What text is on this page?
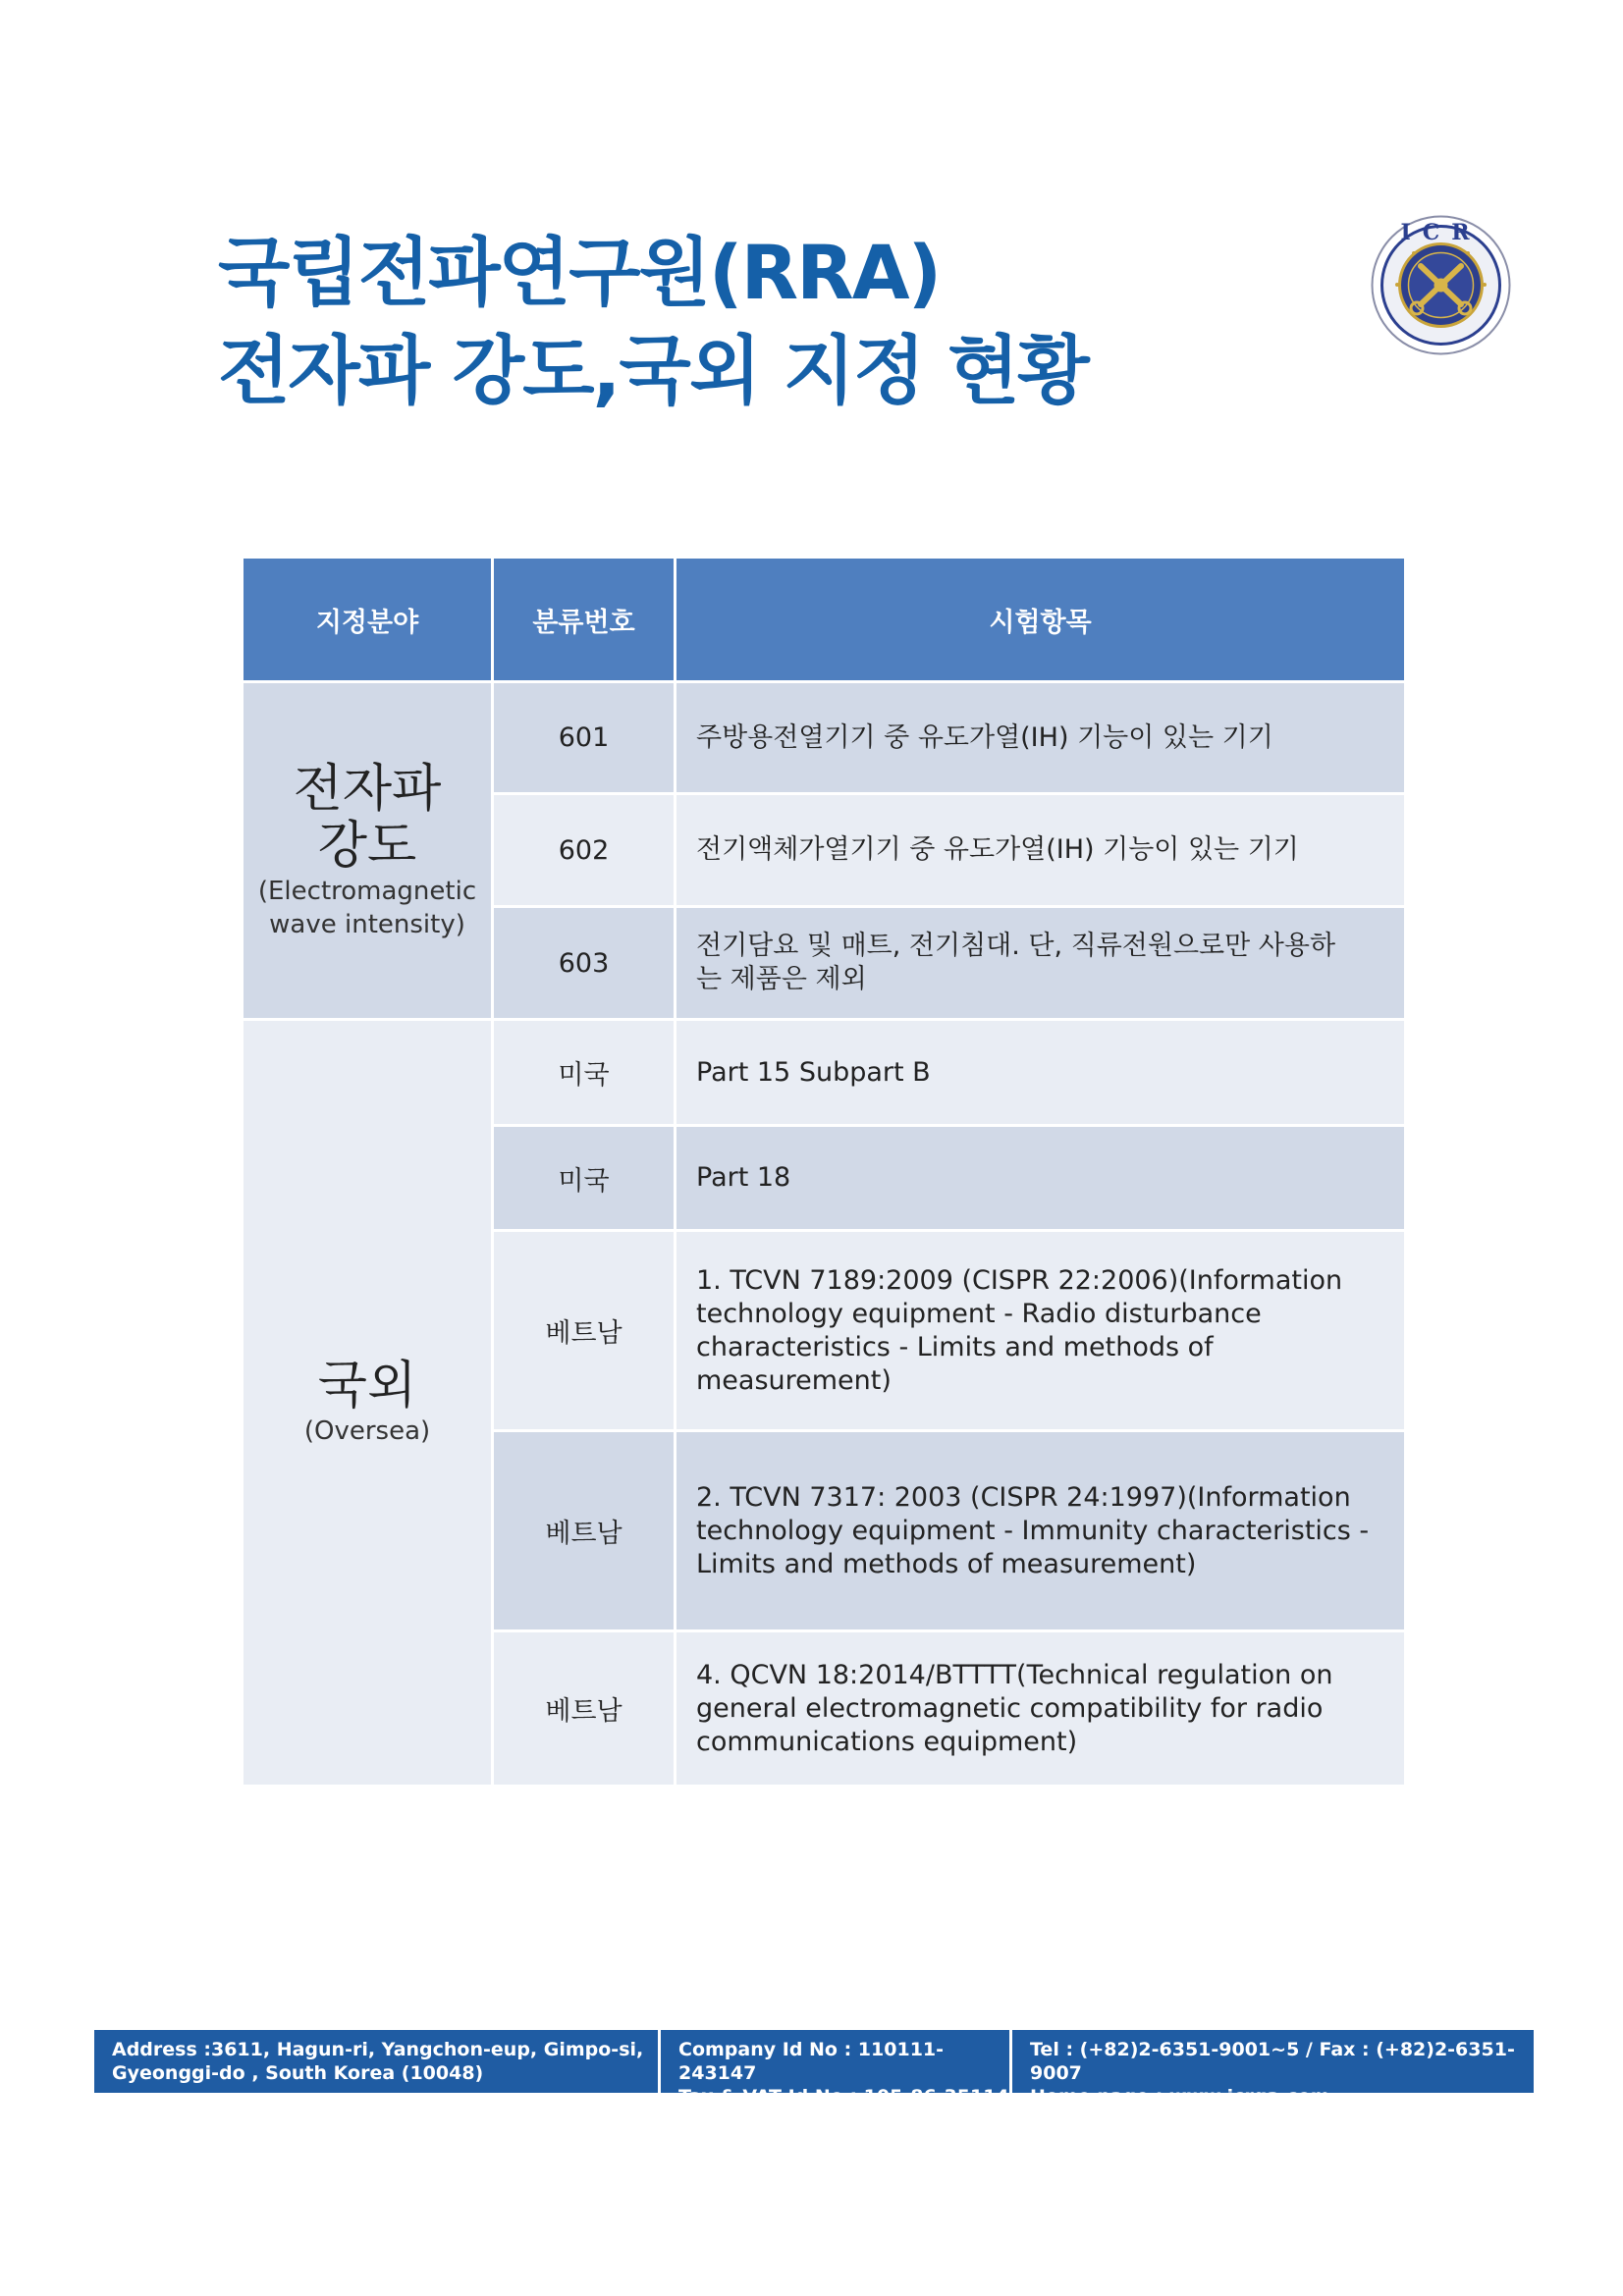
국립전파연구원(RRA)
전자파 강도,국외 지정 현황
ICR
지정분야	분류번호	시험항목

전자파
강도
(Electromagnetic
wave intensity)	601	주방용전열기기 중 유도가열(IH) 기능이 있는 기기
	602	전기액체가열기기 중 유도가열(IH) 기능이 있는 기기
	603	전기담요 및 매트, 전기침대. 단, 직류전원으로만 사용하
는 제품은 제외

국외
(Oversea)	미국	Part 15 Subpart B
	미국	Part 18
	베트남	1. TCVN 7189:2009 (CISPR 22:2006)(Information
technology equipment - Radio disturbance
characteristics - Limits and methods of measurement)
	베트남	2. TCVN 7317: 2003 (CISPR 24:1997)(Information
technology equipment - Immunity characteristics -
Limits and methods of measurement)
	베트남	4. QCVN 18:2014/BTTTT(Technical regulation on
general electromagnetic compatibility for radio
communications equipment)
Address :3611, Hagun-ri, Yangchon-eup, Gimpo-si,
Gyeonggi-do , South Korea (10048)
Company Id No : 110111-243147
Tax & VAT Id No : 105-86-35114
Tel : (+82)2-6351-9001~5 / Fax : (+82)2-6351-9007
Home page : www.icrqa.com
